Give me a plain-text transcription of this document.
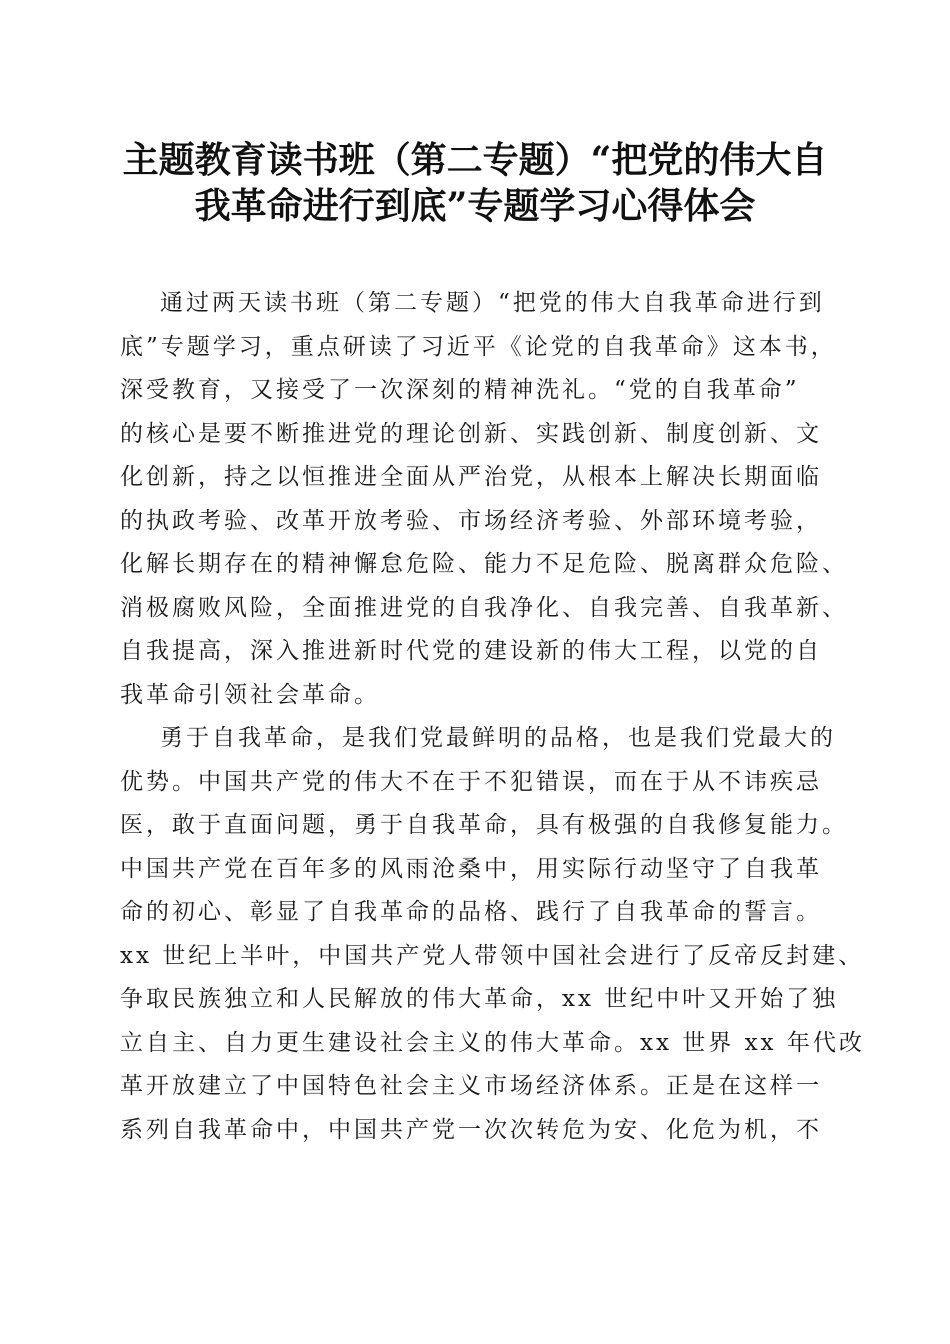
主题教育读书班（第二专题）“把党的伟大自
我革命进行到底”专题学习心得体会
通过两天读书班（第二专题）“把党的伟大自我革命进行到
底”专题学习，重点研读了习近平《论党的自我革命》这本书，
深受教育，又接受了一次深刻的精神洗礼。“党的自我革命”
的核心是要不断推进党的理论创新、实践创新、制度创新、文
化创新，持之以恒推进全面从严治党，从根本上解决长期面临
的执政考验、改革开放考验、市场经济考验、外部环境考验，
化解长期存在的精神懈怠危险、能力不足危险、脱离群众危险、
消极腐败风险，全面推进党的自我净化、自我完善、自我革新、
自我提高，深入推进新时代党的建设新的伟大工程，以党的自
我革命引领社会革命。
勇于自我革命，是我们党最鲜明的品格，也是我们党最大的
优势。中国共产党的伟大不在于不犯错误，而在于从不讳疾忌
医，敢于直面问题，勇于自我革命，具有极强的自我修复能力。
中国共产党在百年多的风雨沧桑中，用实际行动坚守了自我革
命的初心、彰显了自我革命的品格、践行了自我革命的誓言。
xx 世纪上半叶，中国共产党人带领中国社会进行了反帝反封建、
争取民族独立和人民解放的伟大革命，xx 世纪中叶又开始了独
立自主、自力更生建设社会主义的伟大革命。xx 世界 xx 年代改
革开放建立了中国特色社会主义市场经济体系。正是在这样一
系列自我革命中，中国共产党一次次转危为安、化危为机，不
